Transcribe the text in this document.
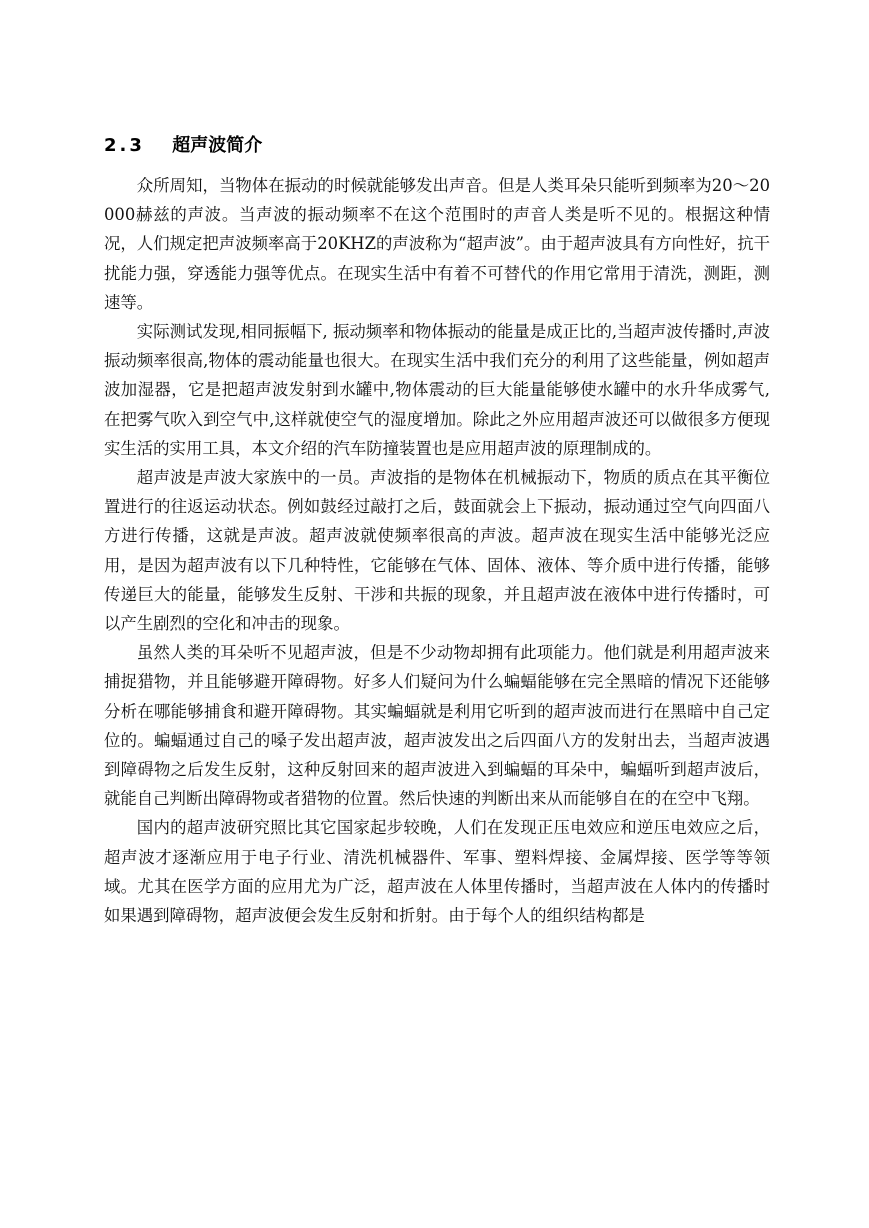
2.3 超声波简介

众所周知，当物体在振动的时候就能够发出声音。但是人类耳朵只能听到频率为20～20000赫兹的声波。当声波的振动频率不在这个范围时的声音人类是听不见的。根据这种情况，人们规定把声波频率高于20KHZ的声波称为“超声波”。由于超声波具有方向性好，抗干扰能力强，穿透能力强等优点。在现实生活中有着不可替代的作用它常用于清洗，测距，测速等。

实际测试发现,相同振幅下, 振动频率和物体振动的能量是成正比的,当超声波传播时,声波振动频率很高,物体的震动能量也很大。在现实生活中我们充分的利用了这些能量，例如超声波加湿器，它是把超声波发射到水罐中,物体震动的巨大能量能够使水罐中的水升华成雾气,在把雾气吹入到空气中,这样就使空气的湿度增加。除此之外应用超声波还可以做很多方便现实生活的实用工具，本文介绍的汽车防撞装置也是应用超声波的原理制成的。

超声波是声波大家族中的一员。声波指的是物体在机械振动下，物质的质点在其平衡位置进行的往返运动状态。例如鼓经过敲打之后，鼓面就会上下振动，振动通过空气向四面八方进行传播，这就是声波。超声波就使频率很高的声波。超声波在现实生活中能够光泛应用，是因为超声波有以下几种特性，它能够在气体、固体、液体、等介质中进行传播，能够传递巨大的能量，能够发生反射、干涉和共振的现象，并且超声波在液体中进行传播时，可以产生剧烈的空化和冲击的现象。

虽然人类的耳朵听不见超声波，但是不少动物却拥有此项能力。他们就是利用超声波来捕捉猎物，并且能够避开障碍物。好多人们疑问为什么蝙蝠能够在完全黑暗的情况下还能够分析在哪能够捕食和避开障碍物。其实蝙蝠就是利用它听到的超声波而进行在黑暗中自己定位的。蝙蝠通过自己的嗓子发出超声波，超声波发出之后四面八方的发射出去，当超声波遇到障碍物之后发生反射，这种反射回来的超声波进入到蝙蝠的耳朵中，蝙蝠听到超声波后，就能自己判断出障碍物或者猎物的位置。然后快速的判断出来从而能够自在的在空中飞翔。

国内的超声波研究照比其它国家起步较晚，人们在发现正压电效应和逆压电效应之后，超声波才逐渐应用于电子行业、清洗机械器件、军事、塑料焊接、金属焊接、医学等等领域。尤其在医学方面的应用尤为广泛，超声波在人体里传播时，当超声波在人体内的传播时如果遇到障碍物，超声波便会发生反射和折射。由于每个人的组织结构都是
